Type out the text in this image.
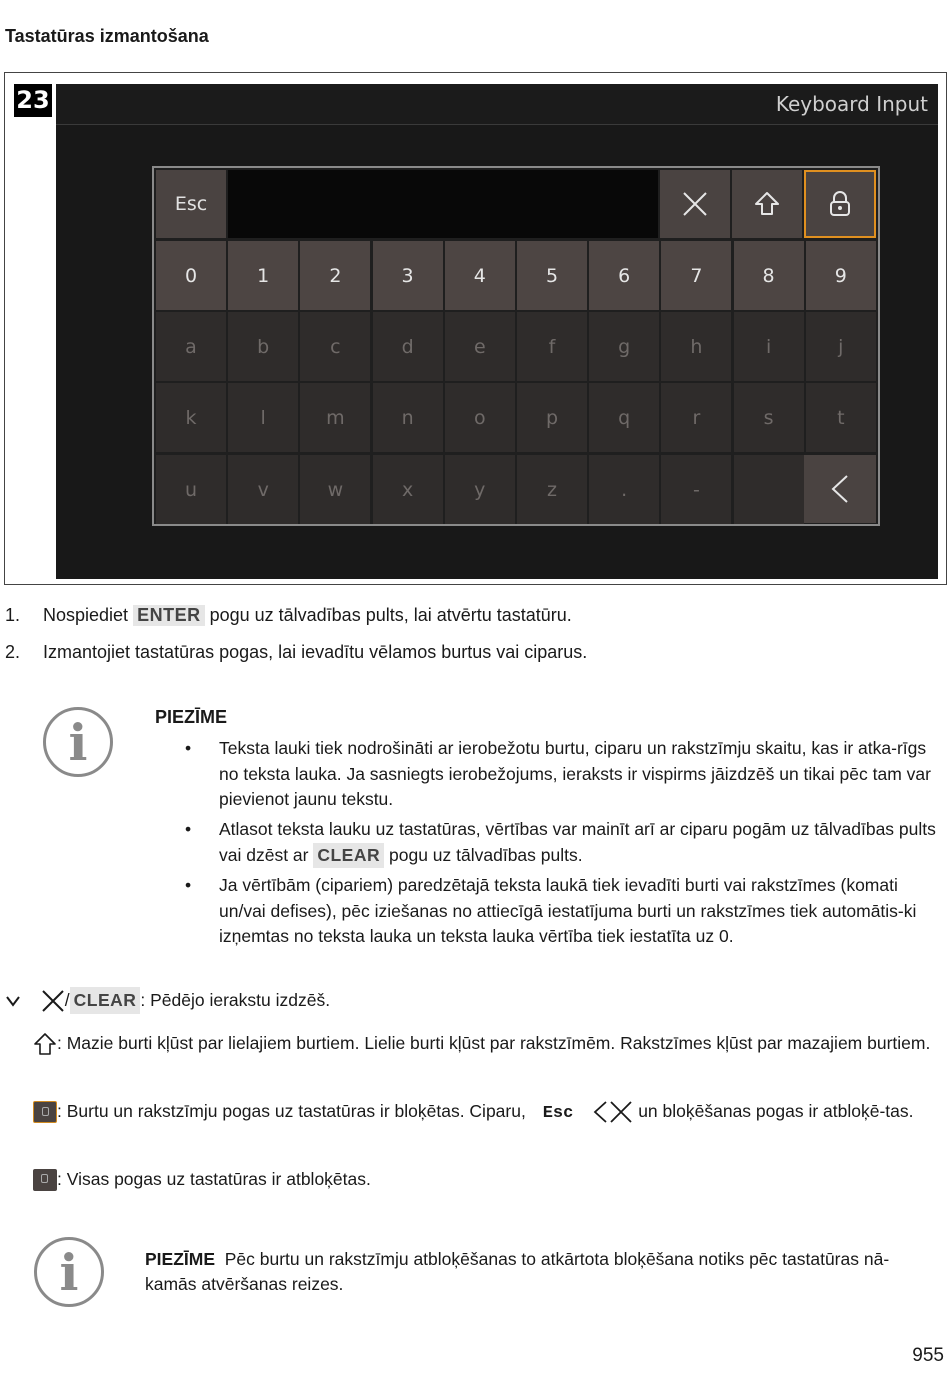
Tastatūras izmantošana
23	Keyboard Input
Esc
0	1	2	3	4	5	6	7	8	9
a	b	c	d	e	f	g	h	i	j
k	l	m	n	o	p	q	r	s	t
u	v	w	x	y	z	.	-
1. Nospiediet ENTER pogu uz tālvadības pults, lai atvērtu tastatūru.
2. Izmantojiet tastatūras pogas, lai ievadītu vēlamos burtus vai ciparus.
i	PIEZĪME
• Teksta lauki tiek nodrošināti ar ierobežotu burtu, ciparu un rakstzīmju skaitu, kas ir atka-rīgs no teksta lauka. Ja sasniegts ierobežojums, ieraksts ir vispirms jāizdzēš un tikai pēc tam var pievienot jaunu tekstu.
• Atlasot teksta lauku uz tastatūras, vērtības var mainīt arī ar ciparu pogām uz tālvadības pults vai dzēst ar CLEAR pogu uz tālvadības pults.
• Ja vērtībām (cipariem) paredzētajā teksta laukā tiek ievadīti burti vai rakstzīmes (komati un/vai defises), pēc iziešanas no attiecīgā iestatījuma burti un rakstzīmes tiek automātis-ki izņemtas no teksta lauka un teksta lauka vērtība tiek iestatīta uz 0.
/ CLEAR : Pēdējo ierakstu izdzēš.
: Mazie burti kļūst par lielajiem burtiem. Lielie burti kļūst par rakstzīmēm. Rakstzīmes kļūst par mazajiem burtiem.
: Burtu un rakstzīmju pogas uz tastatūras ir bloķētas. Ciparu, Esc	un bloķēšanas pogas ir atbloķē-tas.
: Visas pogas uz tastatūras ir atbloķētas.
i	PIEZĪME Pēc burtu un rakstzīmju atbloķēšanas to atkārtota bloķēšana notiks pēc tastatūras nā-kamās atvēršanas reizes.
955
